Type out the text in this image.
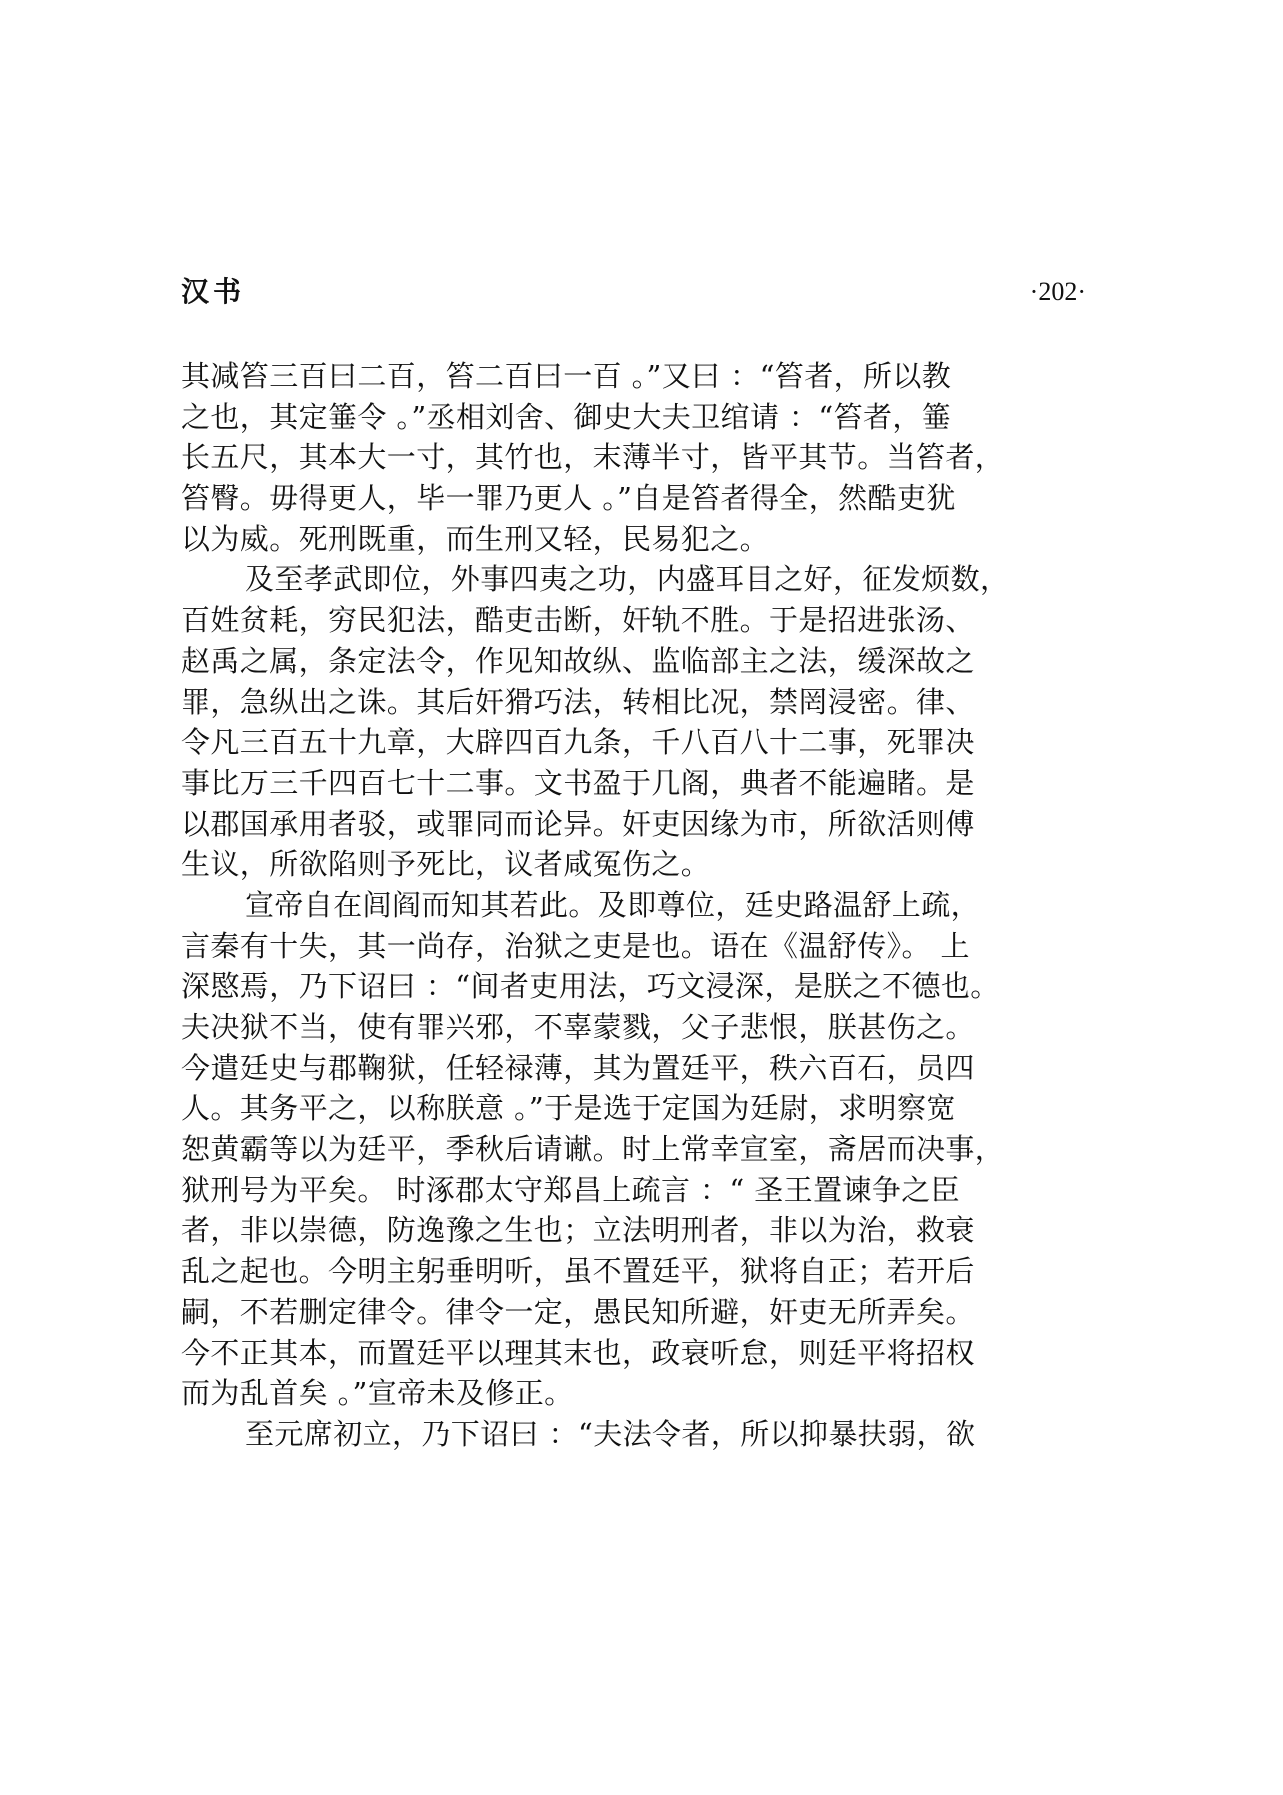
汉书	·202·
其减笞三百曰二百，笞二百曰一百 。”又曰 ：“笞者，所以教
之也，其定箠令 。”丞相刘舍、御史大夫卫绾请 ：“笞者，箠
长五尺，其本大一寸，其竹也，末薄半寸，皆平其节。当笞者，
笞臀。毋得更人，毕一罪乃更人 。”自是笞者得全，然酷吏犹
以为威。死刑既重，而生刑又轻，民易犯之。
及至孝武即位，外事四夷之功，内盛耳目之好，征发烦数，
百姓贫耗，穷民犯法，酷吏击断，奸轨不胜。于是招进张汤、
赵禹之属，条定法令，作见知故纵、监临部主之法，缓深故之
罪，急纵出之诛。其后奸猾巧法，转相比况，禁罔浸密。律、
令凡三百五十九章，大辟四百九条，千八百八十二事，死罪决
事比万三千四百七十二事。文书盈于几阁，典者不能遍睹。是
以郡国承用者驳，或罪同而论异。奸吏因缘为市，所欲活则傅
生议，所欲陷则予死比，议者咸冤伤之。
宣帝自在闾阎而知其若此。及即尊位，廷史路温舒上疏，
言秦有十失，其一尚存，治狱之吏是也。语在《温舒传》。 上
深愍焉，乃下诏曰 ：“间者吏用法，巧文浸深，是朕之不德也。
夫决狱不当，使有罪兴邪，不辜蒙戮，父子悲恨，朕甚伤之。
今遣廷史与郡鞠狱，任轻禄薄，其为置廷平，秩六百石，员四
人。其务平之，以称朕意 。”于是选于定国为廷尉，求明察宽
恕黄霸等以为廷平，季秋后请谳。时上常幸宣室，斋居而决事，
狱刑号为平矣。 时涿郡太守郑昌上疏言 ：“ 圣王置谏争之臣
者，非以崇德，防逸豫之生也；立法明刑者，非以为治，救衰
乱之起也。今明主躬垂明听，虽不置廷平，狱将自正；若开后
嗣，不若删定律令。律令一定，愚民知所避，奸吏无所弄矣。
今不正其本，而置廷平以理其末也，政衰听怠，则廷平将招权
而为乱首矣 。”宣帝未及修正。
至元席初立，乃下诏曰 ：“夫法令者，所以抑暴扶弱，欲
